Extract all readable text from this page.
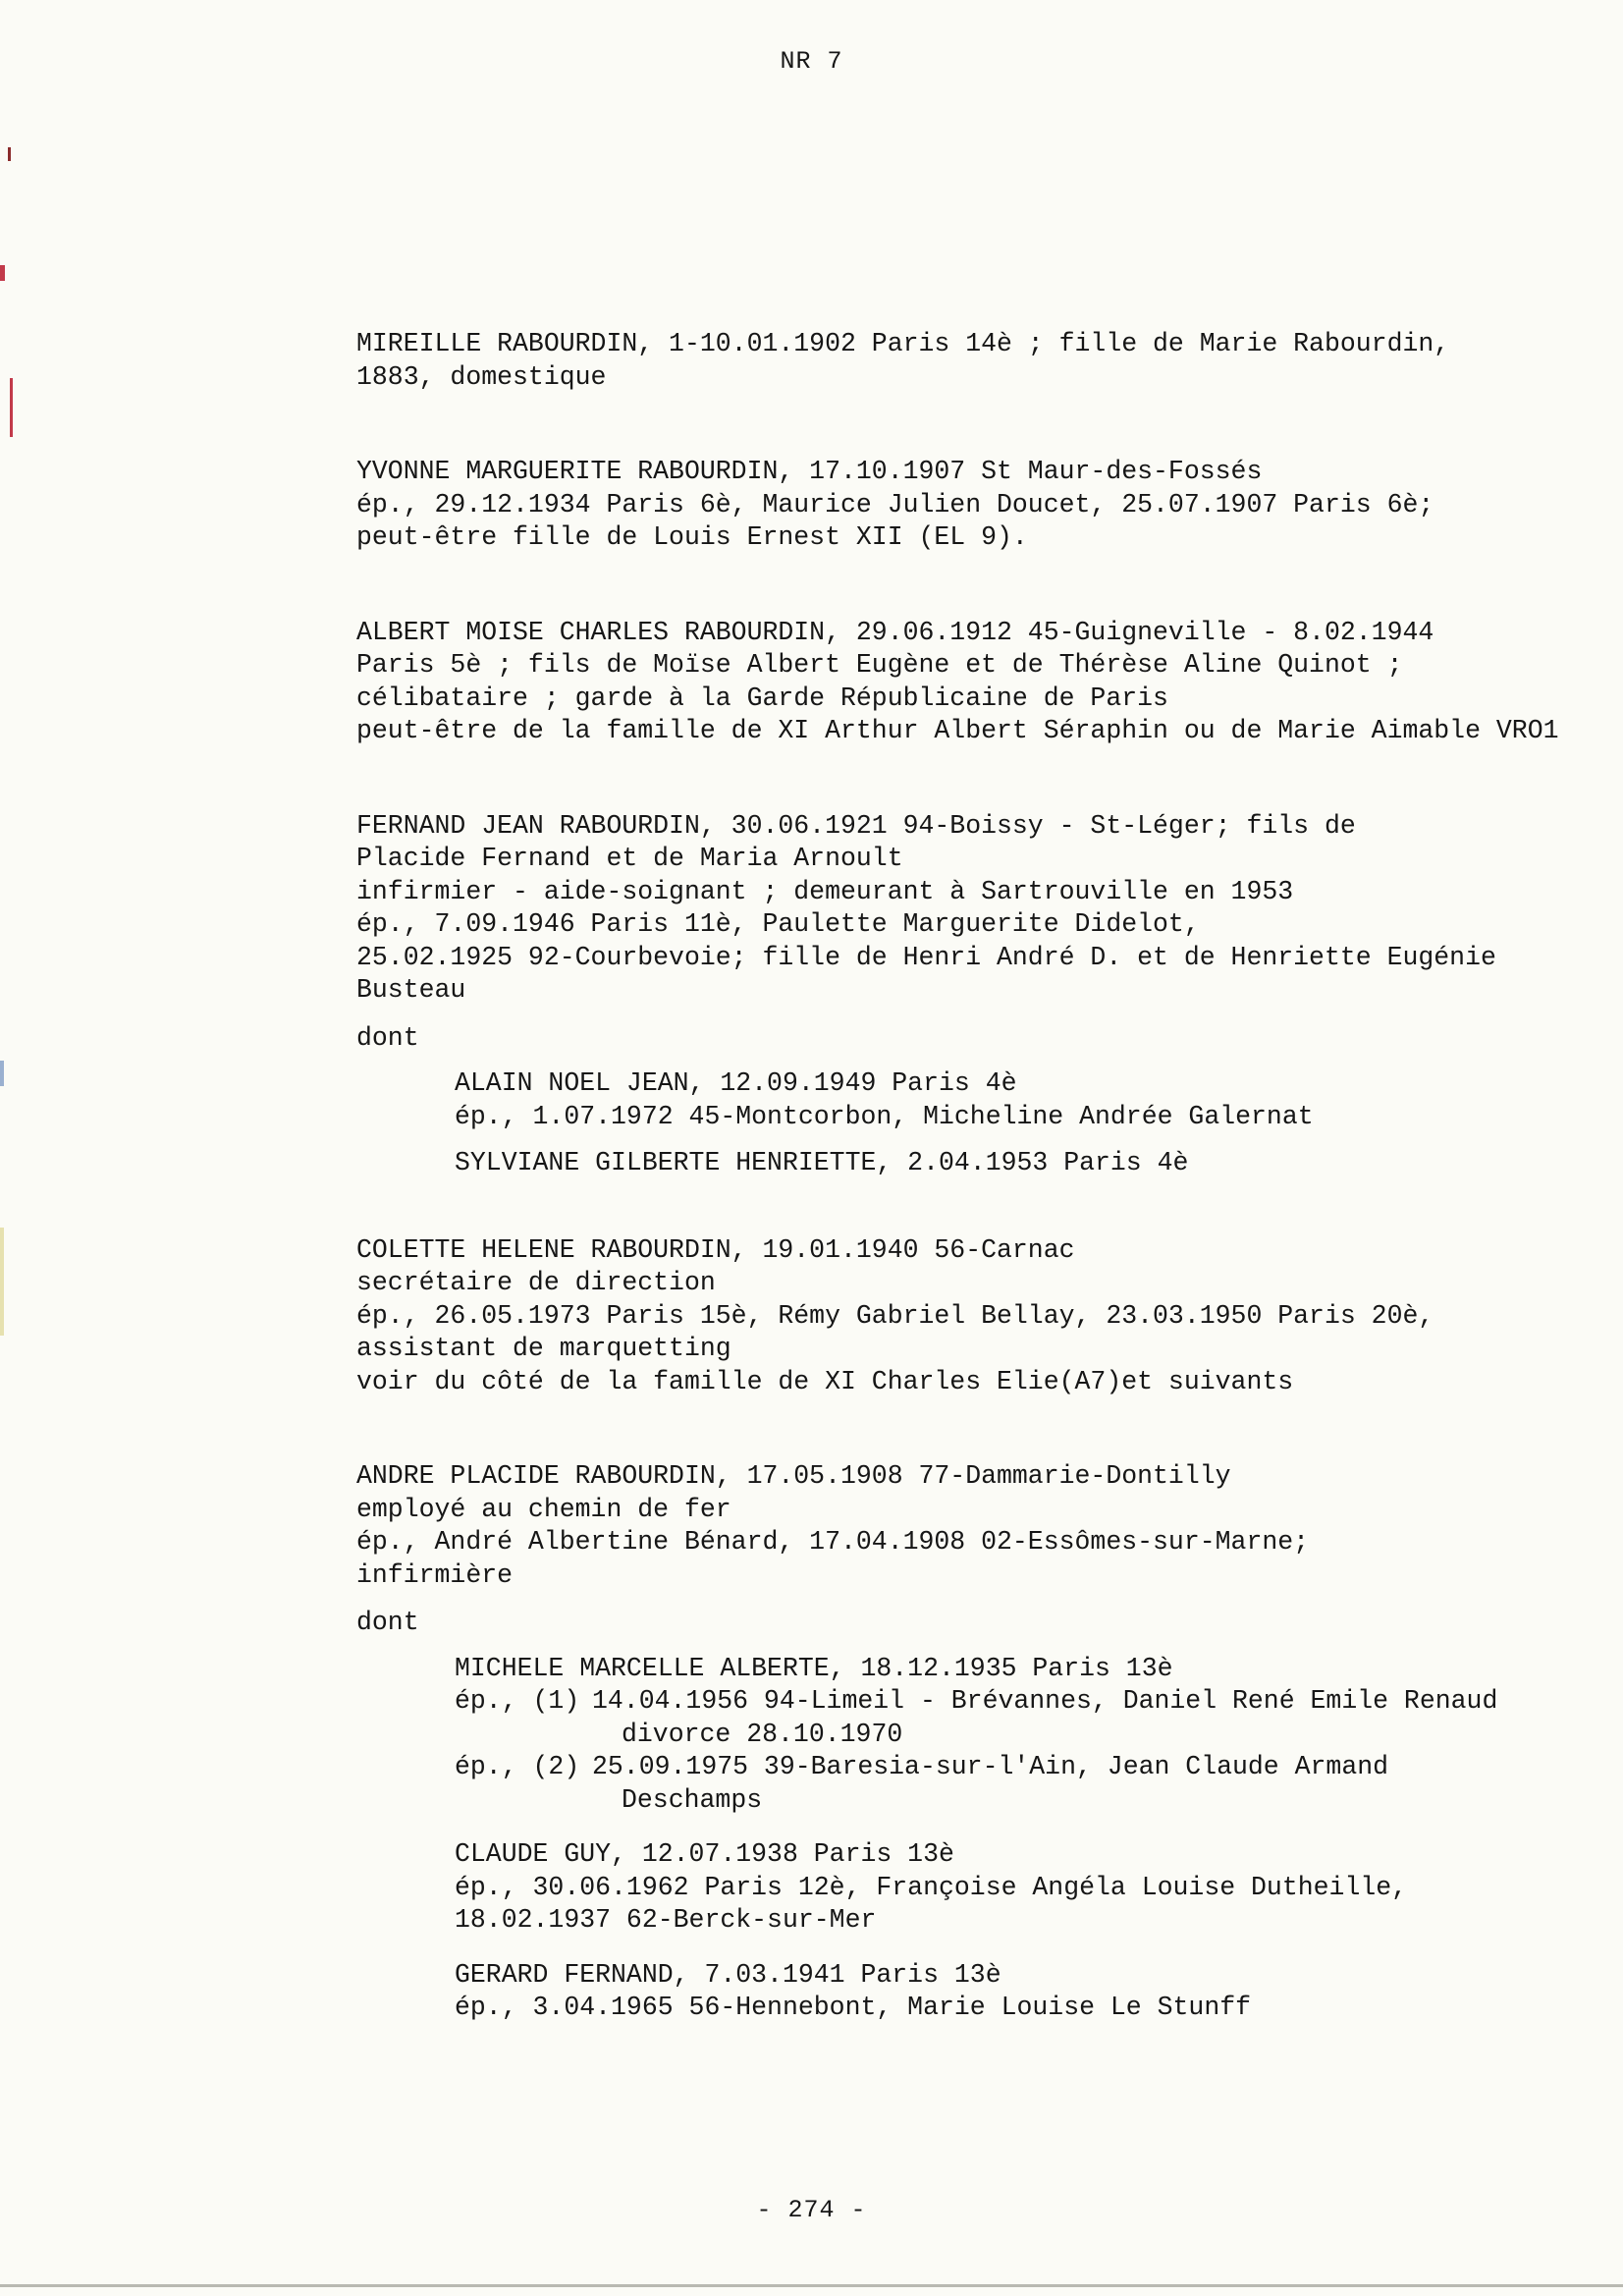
NR 7
MIREILLE RABOURDIN, 1-10.01.1902 Paris 14è ; fille de Marie Rabourdin,
1883, domestique
YVONNE MARGUERITE RABOURDIN, 17.10.1907 St Maur-des-Fossés
ép., 29.12.1934 Paris 6è, Maurice Julien Doucet, 25.07.1907 Paris 6è;
peut-être fille de Louis Ernest XII (EL 9).
ALBERT MOISE CHARLES RABOURDIN, 29.06.1912 45-Guigneville - 8.02.1944
Paris 5è ; fils de Moïse Albert Eugène et de Thérèse Aline Quinot ;
célibataire ; garde à la Garde Républicaine de Paris
peut-être de la famille de XI Arthur Albert Séraphin ou de Marie Aimable VRO1
FERNAND JEAN RABOURDIN, 30.06.1921 94-Boissy - St-Léger; fils de
Placide Fernand et de Maria Arnoult
infirmier - aide-soignant ; demeurant à Sartrouville en 1953
ép., 7.09.1946 Paris 11è, Paulette Marguerite Didelot,
25.02.1925 92-Courbevoie; fille de Henri André D. et de Henriette Eugénie
Busteau
dont
ALAIN NOEL JEAN, 12.09.1949 Paris 4è
ép., 1.07.1972 45-Montcorbon, Micheline Andrée Galernat
SYLVIANE GILBERTE HENRIETTE, 2.04.1953 Paris 4è
COLETTE HELENE RABOURDIN, 19.01.1940 56-Carnac
secrétaire de direction
ép., 26.05.1973 Paris 15è, Rémy Gabriel Bellay, 23.03.1950 Paris 20è,
assistant de marquetting
voir du côté de la famille de XI Charles Elie(A7)et suivants
ANDRE PLACIDE RABOURDIN, 17.05.1908 77-Dammarie-Dontilly
employé au chemin de fer
ép., André Albertine Bénard, 17.04.1908 02-Essômes-sur-Marne;
infirmière
dont
MICHELE MARCELLE ALBERTE, 18.12.1935 Paris 13è
ép., (1) 14.04.1956 94-Limeil - Brévannes, Daniel René Emile Renaud
divorce 28.10.1970
ép., (2) 25.09.1975 39-Baresia-sur-l'Ain, Jean Claude Armand
Deschamps
CLAUDE GUY, 12.07.1938 Paris 13è
ép., 30.06.1962 Paris 12è, Françoise Angéla Louise Dutheille,
18.02.1937 62-Berck-sur-Mer
GERARD FERNAND, 7.03.1941 Paris 13è
ép., 3.04.1965 56-Hennebont, Marie Louise Le Stunff
- 274 -
